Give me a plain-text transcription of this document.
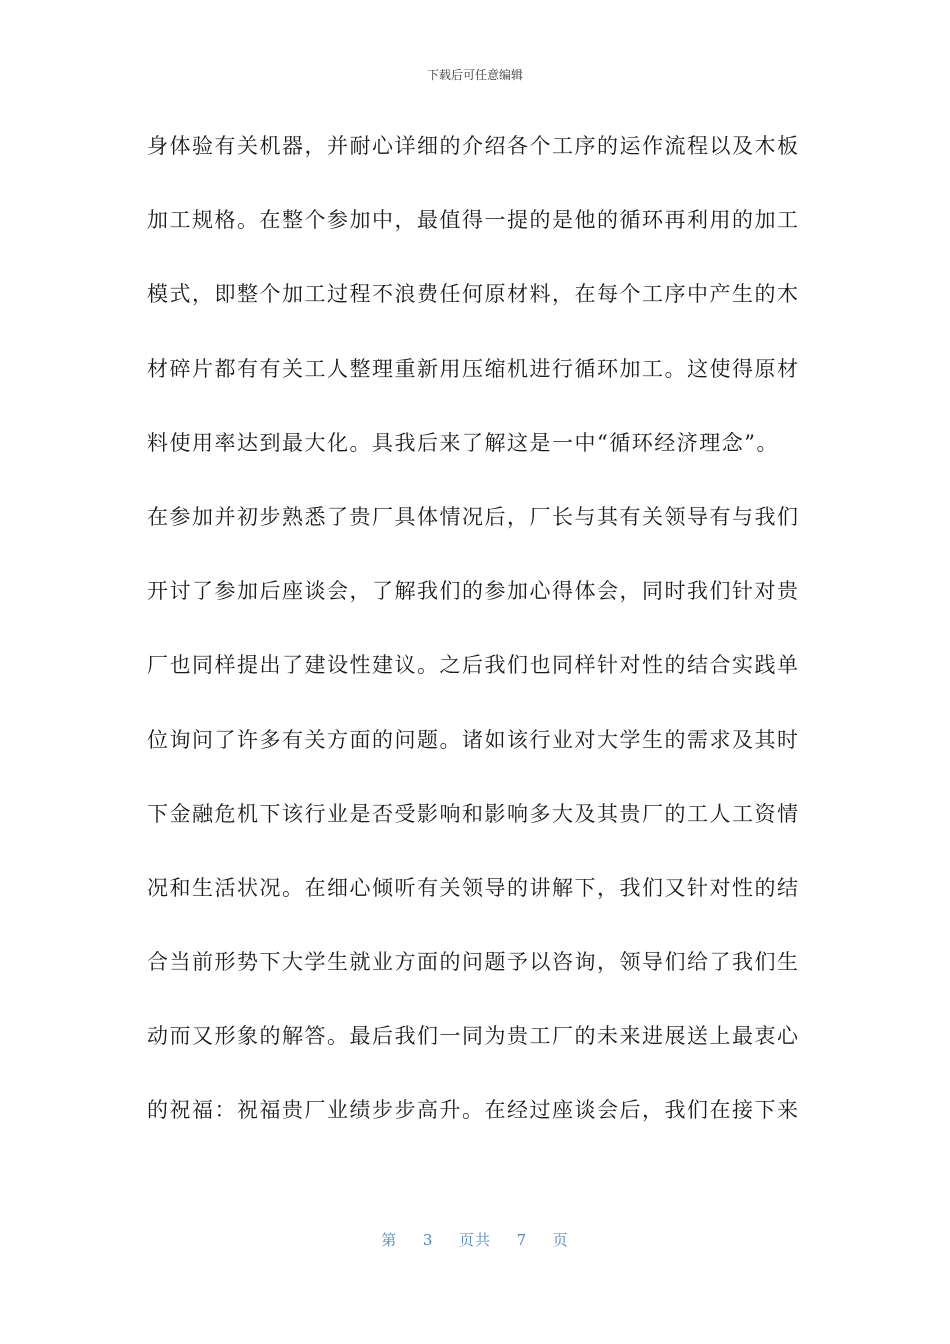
下载后可任意编辑
身体验有关机器，并耐心详细的介绍各个工序的运作流程以及木板
加工规格。在整个参加中，最值得一提的是他的循环再利用的加工
模式，即整个加工过程不浪费任何原材料，在每个工序中产生的木
材碎片都有有关工人整理重新用压缩机进行循环加工。这使得原材
料使用率达到最大化。具我后来了解这是一中“循环经济理念”。
在参加并初步熟悉了贵厂具体情况后，厂长与其有关领导有与我们
开讨了参加后座谈会，了解我们的参加心得体会，同时我们针对贵
厂也同样提出了建设性建议。之后我们也同样针对性的结合实践单
位询问了许多有关方面的问题。诸如该行业对大学生的需求及其时
下金融危机下该行业是否受影响和影响多大及其贵厂的工人工资情
况和生活状况。在细心倾听有关领导的讲解下，我们又针对性的结
合当前形势下大学生就业方面的问题予以咨询，领导们给了我们生
动而又形象的解答。最后我们一同为贵工厂的未来进展送上最衷心
的祝福：祝福贵厂业绩步步高升。在经过座谈会后，我们在接下来
第 3 页共 7 页
